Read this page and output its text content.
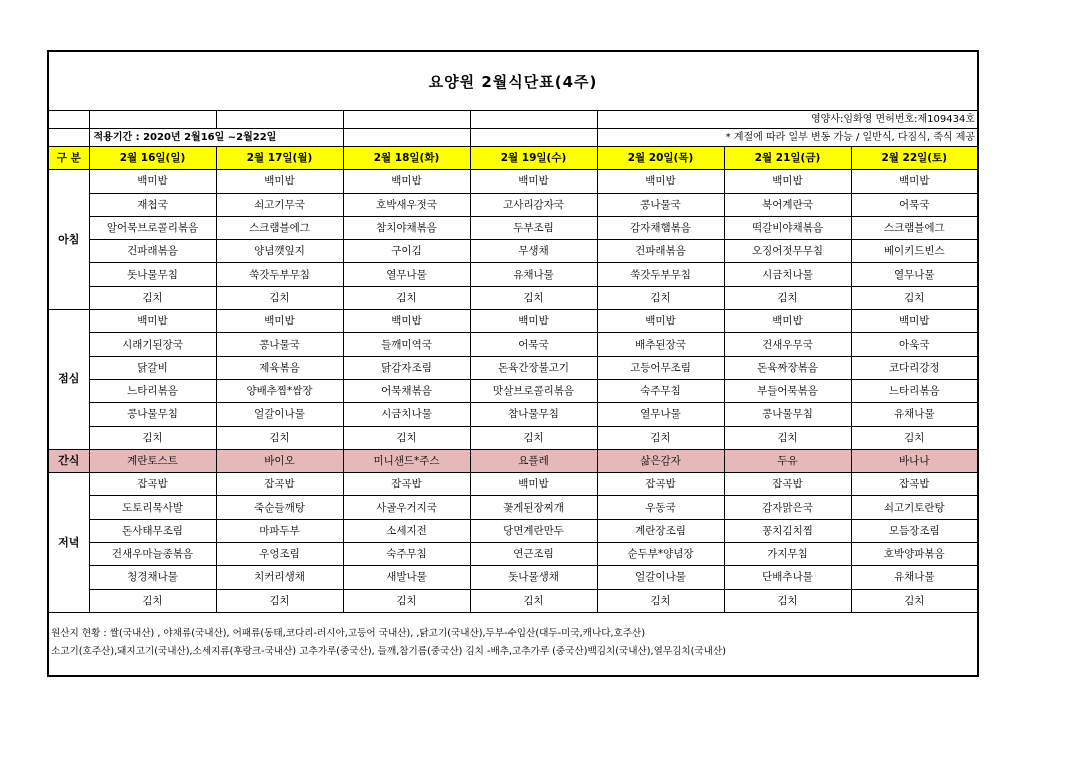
요양원 2월식단표(4주)
					영양사:임화영 면허번호:제109434호		
	적용기간 : 2020년 2월16일 ~2월22일				* 계절에 따라 일부 변동 가능 / 일반식, 다짐식, 죽식 제공		
구 분	2월 16일(일)	2월 17일(월)	2월 18일(화)	2월 19일(수)	2월 20일(목)	2월 21일(금)	2월 22일(토)
아침	백미밥	백미밥	백미밥	백미밥	백미밥	백미밥	백미밥
	재첩국	쇠고기무국	호박새우젓국	고사리감자국	콩나물국	북어계란국	어묵국
	알어묵브로콜리볶음	스크램블에그	참치야채볶음	두부조림	감자채햄볶음	떡갈비야채볶음	스크램블에그
	건파래볶음	양념깻잎지	구이김	무생채	건파래볶음	오징어젓무무침	베이키드빈스
	돗나물무침	쑥갓두부무침	열무나물	유채나물	쑥갓두부무침	시금치나물	열무나물
	김치	김치	김치	김치	김치	김치	김치
점심	백미밥	백미밥	백미밥	백미밥	백미밥	백미밥	백미밥
	시래기된장국	콩나물국	들깨미역국	어묵국	배추된장국	건새우무국	아욱국
	닭갈비	제육볶음	닭감자조림	돈육간장불고기	고등어무조림	돈육짜장볶음	코다리강정
	느타리볶음	양배추찜*쌈장	어묵채볶음	맛살브로콜리볶음	숙주무침	부들어묵볶음	느타리볶음
	콩나물무침	얼갈이나물	시금치나물	참나물무침	열무나물	콩나물무침	유채나물
	김치	김치	김치	김치	김치	김치	김치
간식	계란토스트	바이오	미니샌드*주스	요플레	삶은감자	두유	바나나
저녁	잡곡밥	잡곡밥	잡곡밥	백미밥	잡곡밥	잡곡밥	잡곡밥
	도토리묵사발	죽순들깨탕	사골우거지국	꽃게된장찌개	우동국	감자맑은국	쇠고기토란탕
	돈사태무조림	마파두부	소세지전	당면계란만두	계란장조림	꽁치김치찜	모듬장조림
	건새우마늘종볶음	우엉조림	숙주무침	연근조림	순두부*양념장	가지무침	호박양파볶음
	청경채나물	치커리생채	새발나물	돗나물생채	얼갈이나물	단배추나물	유채나물
	김치	김치	김치	김치	김치	김치	김치
원산지 현황 : 쌀(국내산) , 야채류(국내산), 어패류(동태,코다리-러시아,고등어 국내산), ,닭고기(국내산),두부-수입산(대두-미국,캐나다,호주산)
소고기(호주산),돼지고기(국내산),소세지류(후랑크-국내산) 고추가루(중국산), 들깨,참기름(중국산) 김치 -배추,고추가루 (중국산)백김치(국내산),열무김치(국내산)
